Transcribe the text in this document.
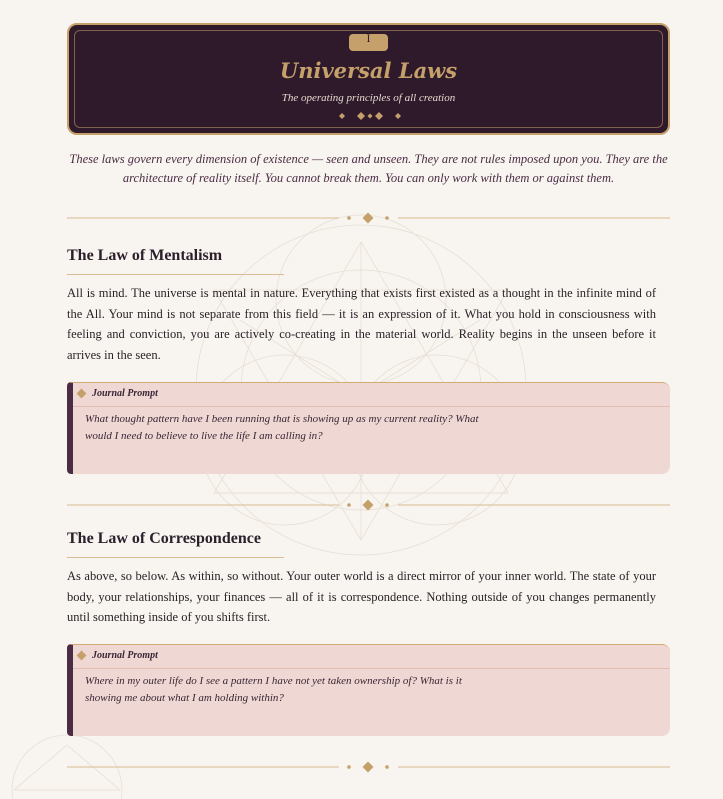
I
Universal Laws
The operating principles of all creation
These laws govern every dimension of existence — seen and unseen. They are not rules imposed upon you. They are the architecture of reality itself. You cannot break them. You can only work with them or against them.
The Law of Mentalism
All is mind. The universe is mental in nature. Everything that exists first existed as a thought in the infinite mind of the All. Your mind is not separate from this field — it is an expression of it. What you hold in consciousness with feeling and conviction, you are actively co-creating in the material world. Reality begins in the unseen before it arrives in the seen.
Journal Prompt
What thought pattern have I been running that is showing up as my current reality? What would I need to believe to live the life I am calling in?
The Law of Correspondence
As above, so below. As within, so without. Your outer world is a direct mirror of your inner world. The state of your body, your relationships, your finances — all of it is correspondence. Nothing outside of you changes permanently until something inside of you shifts first.
Journal Prompt
Where in my outer life do I see a pattern I have not yet taken ownership of? What is it showing me about what I am holding within?
